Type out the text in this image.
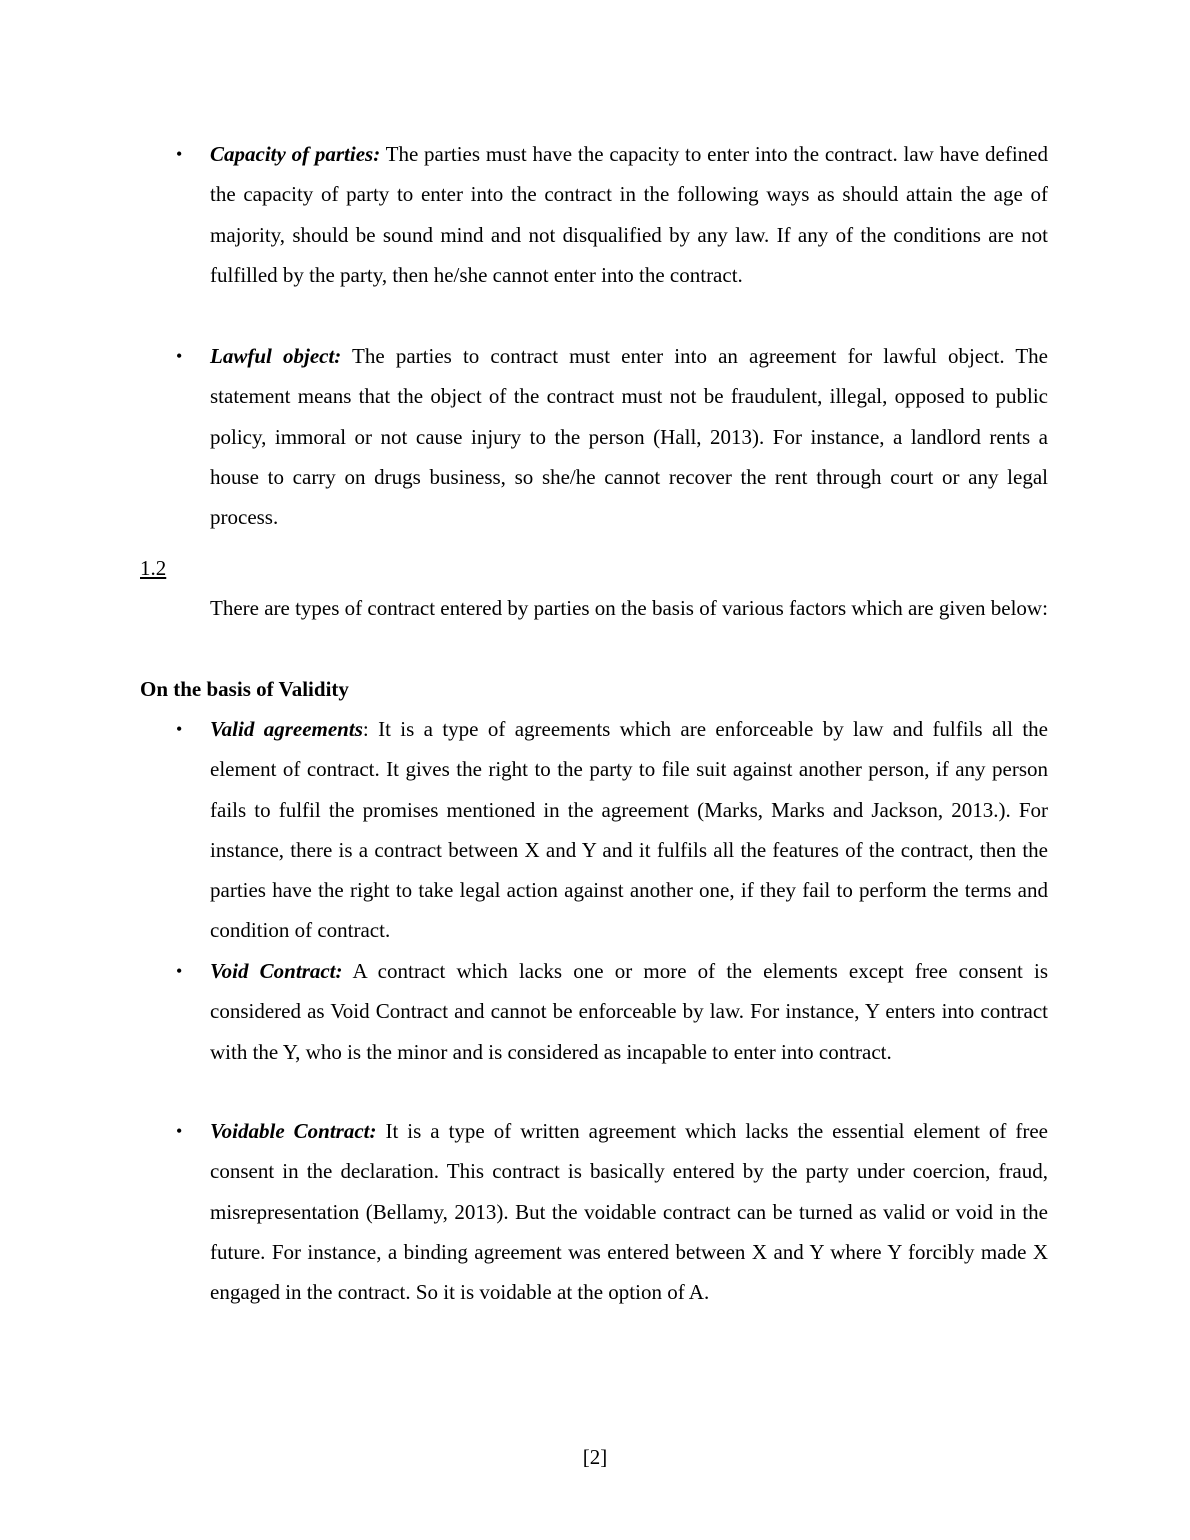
• Capacity of parties: The parties must have the capacity to enter into the contract. law have defined the capacity of party to enter into the contract in the following ways as should attain the age of majority, should be sound mind and not disqualified by any law. If any of the conditions are not fulfilled by the party, then he/she cannot enter into the contract.
• Lawful object: The parties to contract must enter into an agreement for lawful object. The statement means that the object of the contract must not be fraudulent, illegal, opposed to public policy, immoral or not cause injury to the person (Hall, 2013). For instance, a landlord rents a house to carry on drugs business, so she/he cannot recover the rent through court or any legal process.
1.2
There are types of contract entered by parties on the basis of various factors which are given below:
On the basis of Validity
• Valid agreements: It is a type of agreements which are enforceable by law and fulfils all the element of contract. It gives the right to the party to file suit against another person, if any person fails to fulfil the promises mentioned in the agreement (Marks, Marks and Jackson, 2013.). For instance, there is a contract between X and Y and it fulfils all the features of the contract, then the parties have the right to take legal action against another one, if they fail to perform the terms and condition of contract.
• Void Contract: A contract which lacks one or more of the elements except free consent is considered as Void Contract and cannot be enforceable by law. For instance, Y enters into contract with the Y, who is the minor and is considered as incapable to enter into contract.
• Voidable Contract: It is a type of written agreement which lacks the essential element of free consent in the declaration. This contract is basically entered by the party under coercion, fraud, misrepresentation (Bellamy, 2013). But the voidable contract can be turned as valid or void in the future. For instance, a binding agreement was entered between X and Y where Y forcibly made X engaged in the contract. So it is voidable at the option of A.
[2]
